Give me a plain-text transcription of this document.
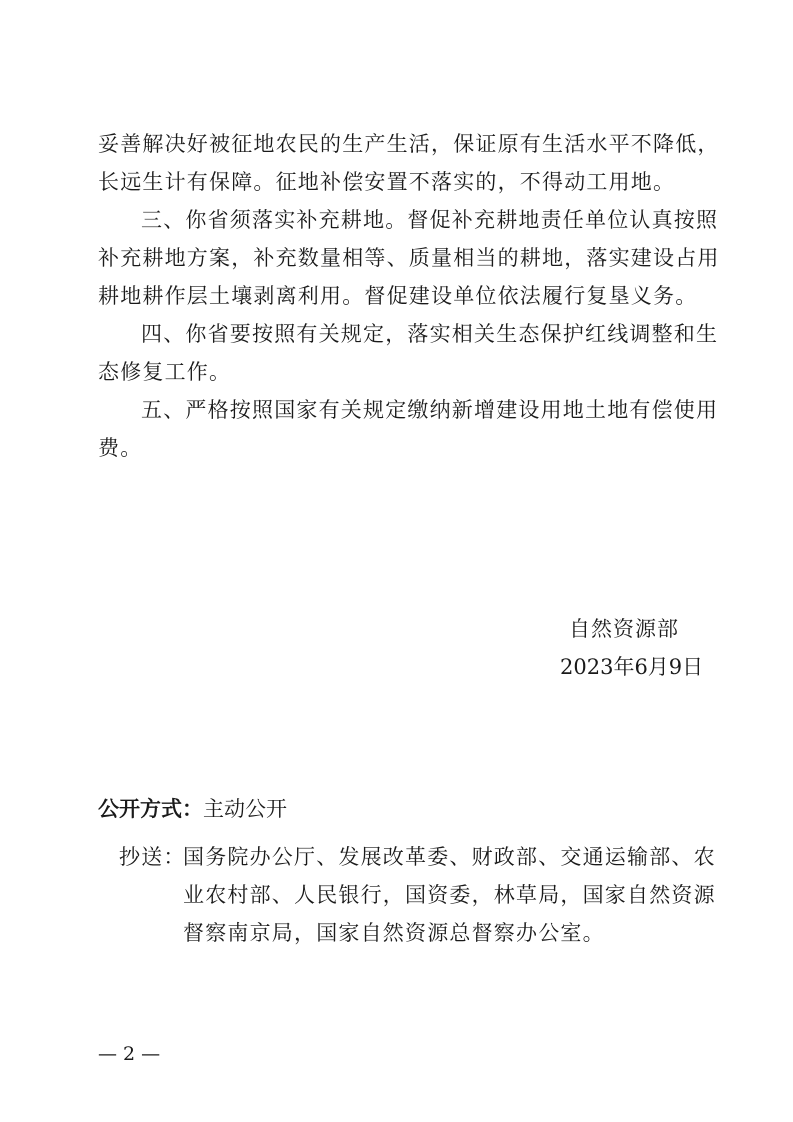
妥善解决好被征地农民的生产生活，保证原有生活水平不降低，
长远生计有保障。征地补偿安置不落实的，不得动工用地。
三、你省须落实补充耕地。督促补充耕地责任单位认真按照
补充耕地方案，补充数量相等、质量相当的耕地，落实建设占用
耕地耕作层土壤剥离利用。督促建设单位依法履行复垦义务。
四、你省要按照有关规定，落实相关生态保护红线调整和生
态修复工作。
五、严格按照国家有关规定缴纳新增建设用地土地有偿使用
费。
自然资源部
2023年6月9日
公开方式：主动公开
抄送：
国务院办公厅、发展改革委、财政部、交通运输部、农
业农村部、人民银行，国资委，林草局，国家自然资源
督察南京局，国家自然资源总督察办公室。
— 2 —
